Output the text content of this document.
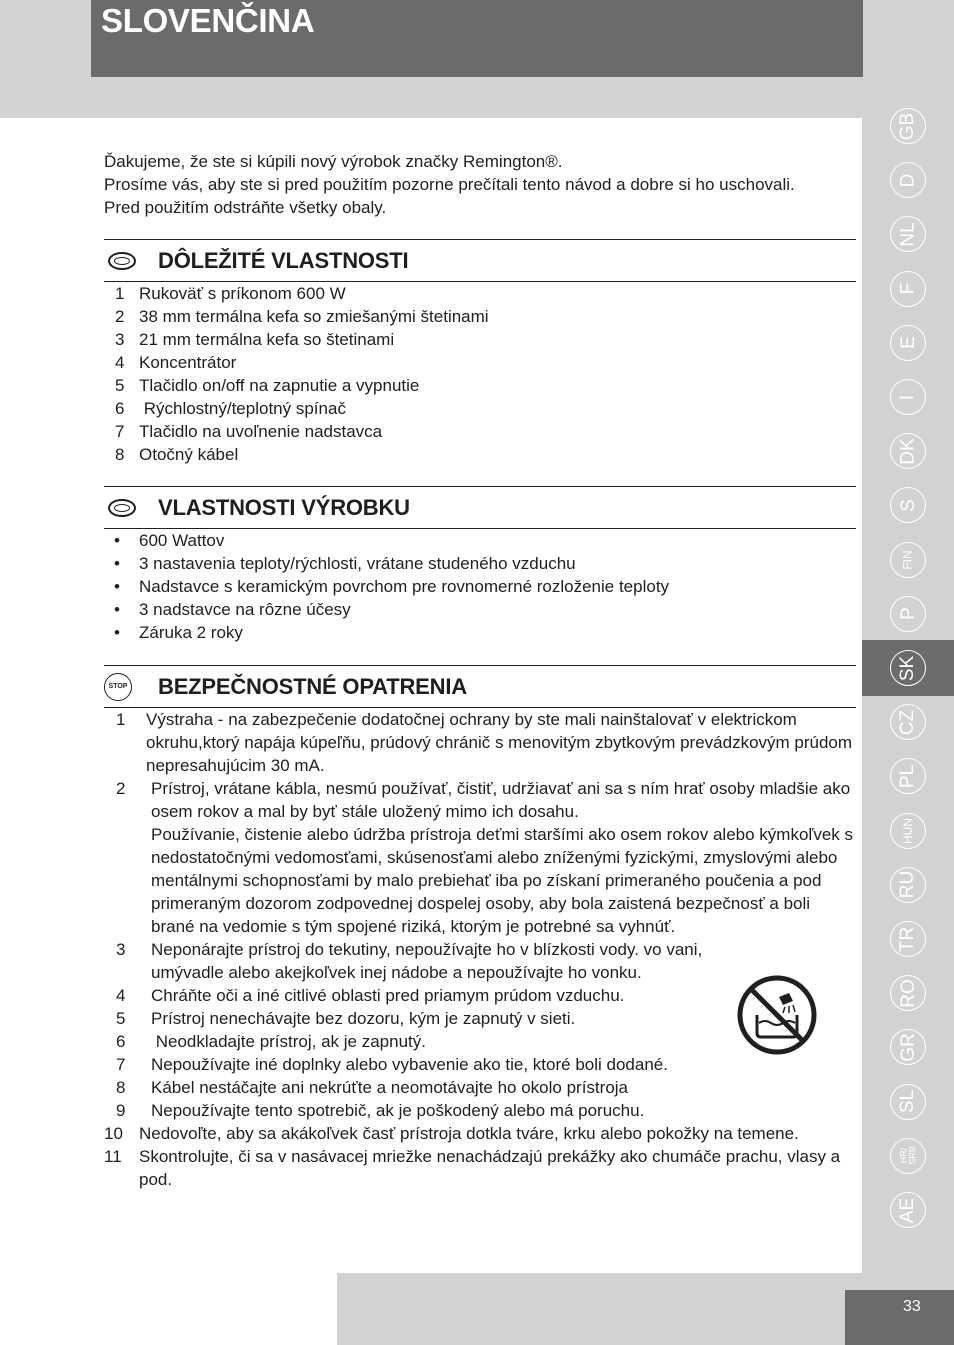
SLOVENČINA
GB
D
NL
F
E
I
DK
S
FIN
P
SK
CZ
PL
HUN
RU
TR
RO
GR
SL
HR/
SRB
AE
33

Ďakujeme, že ste si kúpili nový výrobok značky Remington®.

Prosíme vás, aby ste si pred použitím pozorne prečítali tento návod a dobre si ho uschovali.

Pred použitím odstráňte všetky obaly.

DÔLEŽITÉ VLASTNOSTI
1 Rukoväť s príkonom 600 W
2 38 mm termálna kefa so zmiešanými štetinami
3 21 mm termálna kefa so štetinami
4 Koncentrátor
5 Tlačidlo on/off na zapnutie a vypnutie
6 Rýchlostný/teplotný spínač
7 Tlačidlo na uvoľnenie nadstavca
8 Otočný kábel
VLASTNOSTI VÝROBKU
•	600 Wattov
•	3 nastavenia teploty/rýchlosti, vrátane studeného vzduchu
•	Nadstavce s keramickým povrchom pre rovnomerné rozloženie teploty
•	3 nadstavce na rôzne účesy
•	Záruka 2 roky
STOP BEZPEČNOSTNÉ OPATRENIA
1	Výstraha - na zabezpečenie dodatočnej ochrany by ste mali nainštalovať v elektrickom okruhu,ktorý napája kúpeľňu, prúdový chránič s menovitým zbytkovým prevádzkovým prúdom nepresahujúcim 30 mA.
2	Prístroj, vrátane kábla, nesmú používať, čistiť, udržiavať ani sa s ním hrať osoby mladšie ako osem rokov a mal by byť stále uložený mimo ich dosahu.
Používanie, čistenie alebo údržba prístroja deťmi staršími ako osem rokov alebo kýmkoľvek s nedostatočnými vedomosťami, skúsenosťami alebo zníženými fyzickými, zmyslovými alebo mentálnymi schopnosťami by malo prebiehať iba po získaní primeraného poučenia a pod primeraným dozorom zodpovednej dospelej osoby, aby bola zaistená bezpečnosť a boli brané na vedomie s tým spojené riziká, ktorým je potrebné sa vyhnúť.
3	Neponárajte prístroj do tekutiny, nepoužívajte ho v blízkosti vody. vo vani, umývadle alebo akejkoľvek inej nádobe a nepoužívajte ho vonku.
4	Chráňte oči a iné citlivé oblasti pred priamym prúdom vzduchu.
5	Prístroj nenechávajte bez dozoru, kým je zapnutý v sieti.
6	Neodkladajte prístroj, ak je zapnutý.
7	Nepoužívajte iné doplnky alebo vybavenie ako tie, ktoré boli dodané.
8	Kábel nestáčajte ani nekrúťte a neomotávajte ho okolo prístroja
9	Nepoužívajte tento spotrebič, ak je poškodený alebo má poruchu.
10 Nedovoľte, aby sa akákoľvek časť prístroja dotkla tváre, krku alebo pokožky na temene.
11	Skontrolujte, či sa v nasávacej mriežke nenachádzajú prekážky ako chumáče prachu, vlasy a pod.
